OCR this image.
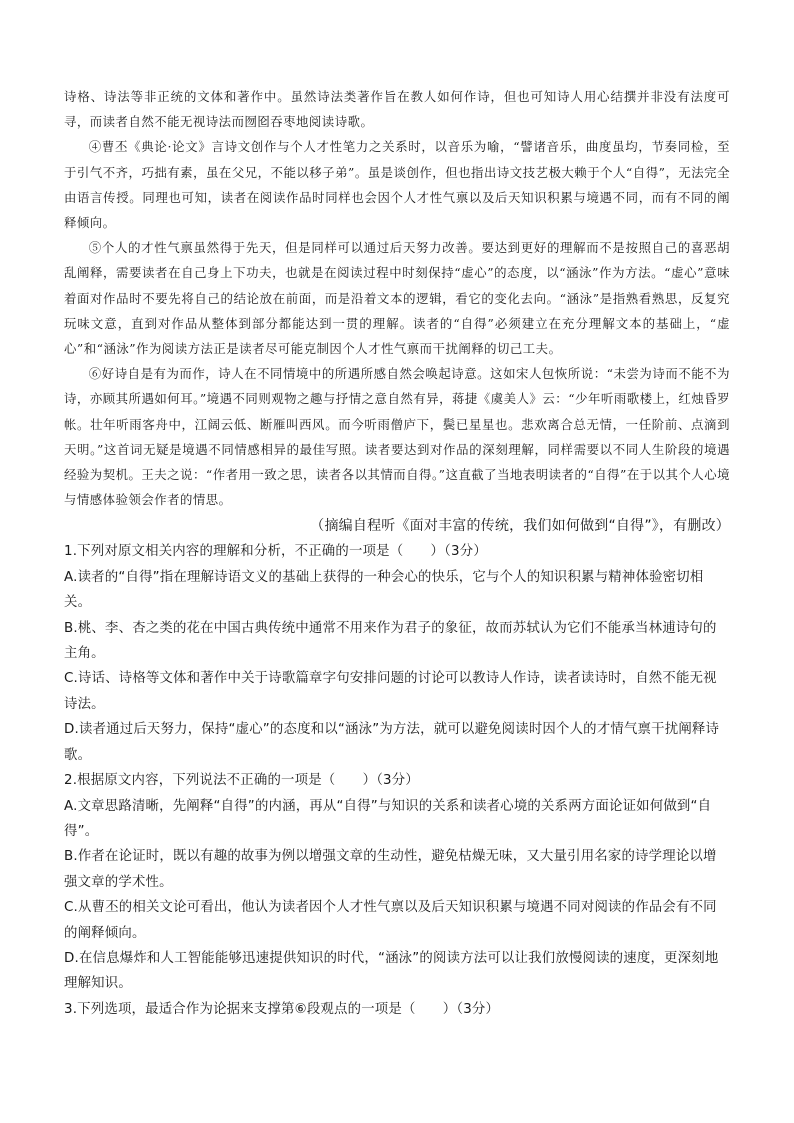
诗格、诗法等非正统的文体和著作中。虽然诗法类著作旨在教人如何作诗，但也可知诗人用心结撰并非没有法度可寻，而读者自然不能无视诗法而囫囵吞枣地阅读诗歌。

④曹丕《典论·论文》言诗文创作与个人才性笔力之关系时，以音乐为喻，“譬诸音乐，曲度虽均，节奏同检，至于引气不齐，巧拙有素，虽在父兄，不能以移子弟”。虽是谈创作，但也指出诗文技艺极大赖于个人“自得”，无法完全由语言传授。同理也可知，读者在阅读作品时同样也会因个人才性气禀以及后天知识积累与境遇不同，而有不同的阐释倾向。

⑤个人的才性气禀虽然得于先天，但是同样可以通过后天努力改善。要达到更好的理解而不是按照自己的喜恶胡乱阐释，需要读者在自己身上下功夫，也就是在阅读过程中时刻保持“虚心”的态度，以“涵泳”作为方法。“虚心”意味着面对作品时不要先将自己的结论放在前面，而是沿着文本的逻辑，看它的变化去向。“涵泳”是指熟看熟思，反复究玩味文意，直到对作品从整体到部分都能达到一贯的理解。读者的“自得”必须建立在充分理解文本的基础上，“虚心”和“涵泳”作为阅读方法正是读者尽可能克制因个人才性气禀而干扰阐释的切己工夫。

⑥好诗自是有为而作，诗人在不同情境中的所遇所感自然会唤起诗意。这如宋人包恢所说：“未尝为诗而不能不为诗，亦顾其所遇如何耳。”境遇不同则观物之趣与抒情之意自然有异，蒋捷《虞美人》云：“少年听雨歌楼上，红烛昏罗帐。壮年听雨客舟中，江阔云低、断雁叫西风。而今听雨僧庐下，鬓已星星也。悲欢离合总无情，一任阶前、点滴到天明。”这首词无疑是境遇不同情感相异的最佳写照。读者要达到对作品的深刻理解，同样需要以不同人生阶段的境遇经验为契机。王夫之说：“作者用一致之思，读者各以其情而自得。”这直截了当地表明读者的“自得”在于以其个人心境与情感体验领会作者的情思。

（摘编自程听《面对丰富的传统，我们如何做到“自得”》，有删改）

1.下列对原文相关内容的理解和分析，不正确的一项是（　　）（3分）

A.读者的“自得”指在理解诗语文义的基础上获得的一种会心的快乐，它与个人的知识积累与精神体验密切相关。

B.桃、李、杏之类的花在中国古典传统中通常不用来作为君子的象征，故而苏轼认为它们不能承当林逋诗句的主角。

C.诗话、诗格等文体和著作中关于诗歌篇章字句安排问题的讨论可以教诗人作诗，读者读诗时，自然不能无视诗法。

D.读者通过后天努力，保持“虚心”的态度和以“涵泳”为方法，就可以避免阅读时因个人的才情气禀干扰阐释诗歌。

2.根据原文内容，下列说法不正确的一项是（　　）（3分）

A.文章思路清晰，先阐释“自得”的内涵，再从“自得”与知识的关系和读者心境的关系两方面论证如何做到“自得”。

B.作者在论证时，既以有趣的故事为例以增强文章的生动性，避免枯燥无味，又大量引用名家的诗学理论以增强文章的学术性。

C.从曹丕的相关文论可看出，他认为读者因个人才性气禀以及后天知识积累与境遇不同对阅读的作品会有不同的阐释倾向。

D.在信息爆炸和人工智能能够迅速提供知识的时代，“涵泳”的阅读方法可以让我们放慢阅读的速度，更深刻地理解知识。

3.下列选项，最适合作为论据来支撑第⑥段观点的一项是（　　）（3分）
